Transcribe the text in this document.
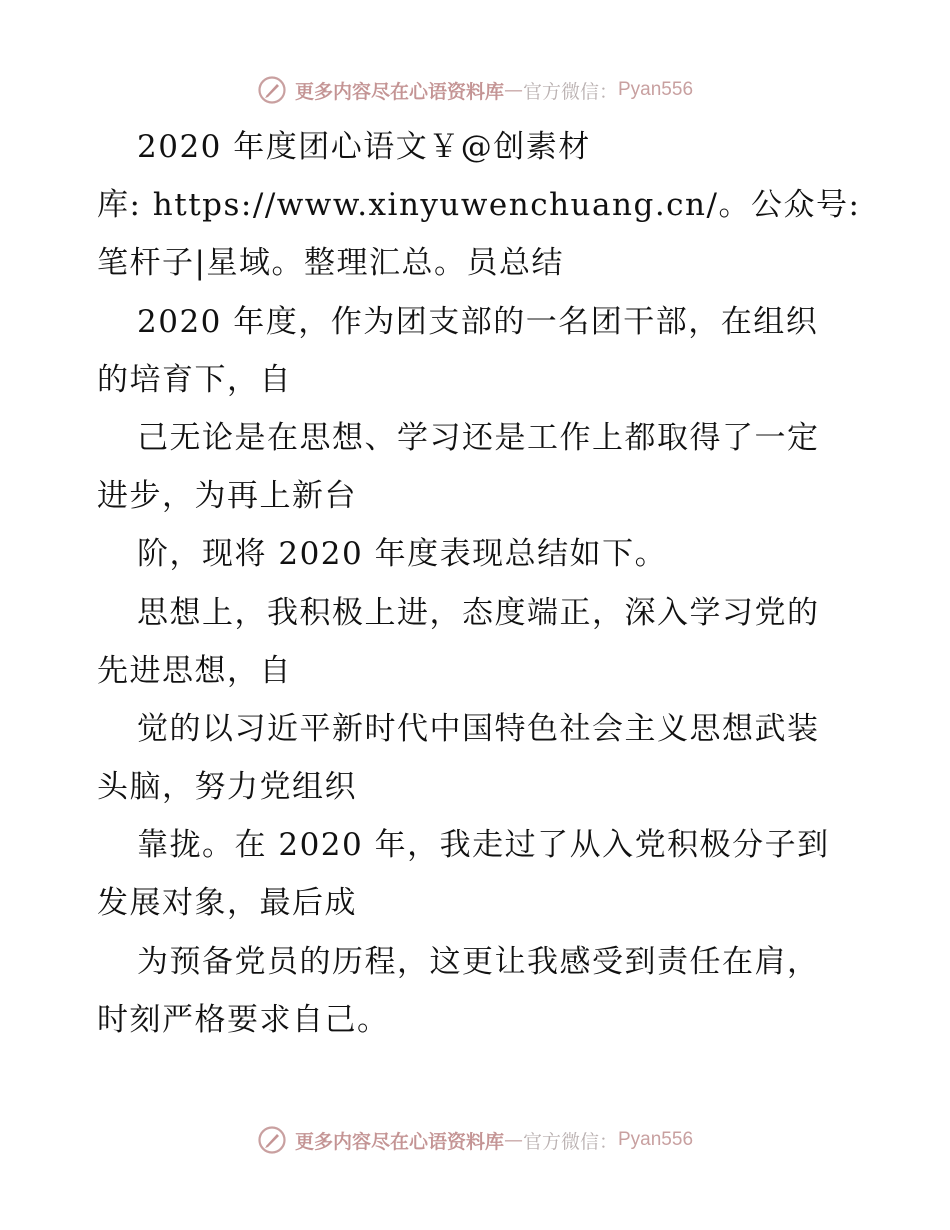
更多内容尽在心语资料库 — 官方微信： Pyan556
2020 年度团心语文￥@创素材
库: https://www.xinyuwenchuang.cn/。公众号:
笔杆子|星域。整理汇总。员总结
2020 年度，作为团支部的一名团干部，在组织
的培育下，自
己无论是在思想、学习还是工作上都取得了一定
进步，为再上新台
阶，现将 2020 年度表现总结如下。
思想上，我积极上进，态度端正，深入学习党的
先进思想，自
觉的以习近平新时代中国特色社会主义思想武装
头脑，努力党组织
靠拢。在 2020 年，我走过了从入党积极分子到
发展对象，最后成
为预备党员的历程，这更让我感受到责任在肩，
时刻严格要求自己。
更多内容尽在心语资料库 — 官方微信： Pyan556
